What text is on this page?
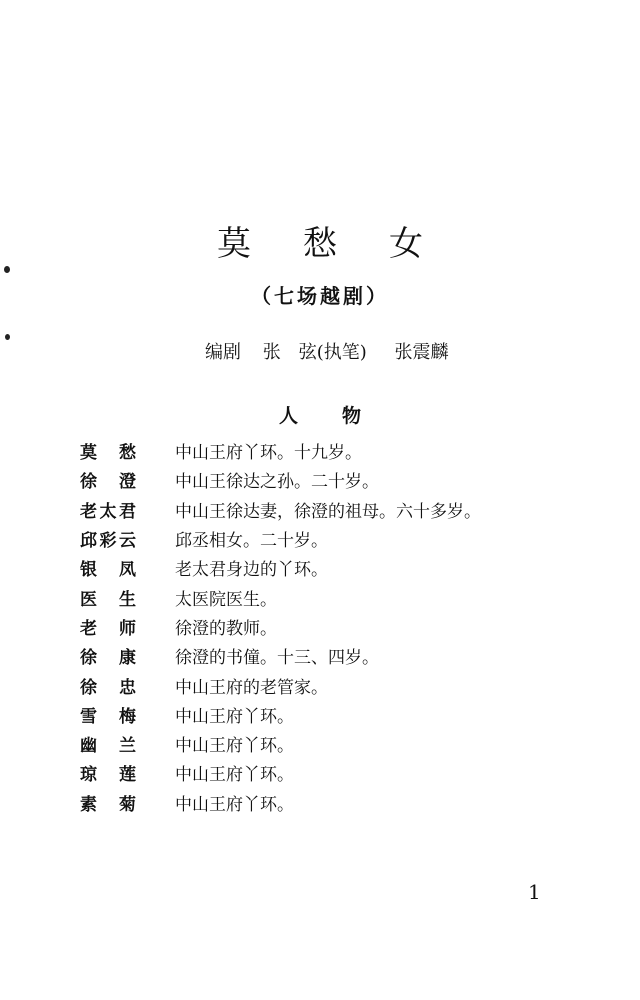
莫愁女
（七场越剧）
编剧 张　弦(执笔) 张震麟
人物
莫　愁 中山王府丫环。十九岁。
徐　澄 中山王徐达之孙。二十岁。
老太君 中山王徐达妻，徐澄的祖母。六十多岁。
邱彩云 邱丞相女。二十岁。
银　凤 老太君身边的丫环。
医　生 太医院医生。
老　师 徐澄的教师。
徐　康 徐澄的书僮。十三、四岁。
徐　忠 中山王府的老管家。
雪　梅 中山王府丫环。
幽　兰 中山王府丫环。
琼　莲 中山王府丫环。
素　菊 中山王府丫环。
1
